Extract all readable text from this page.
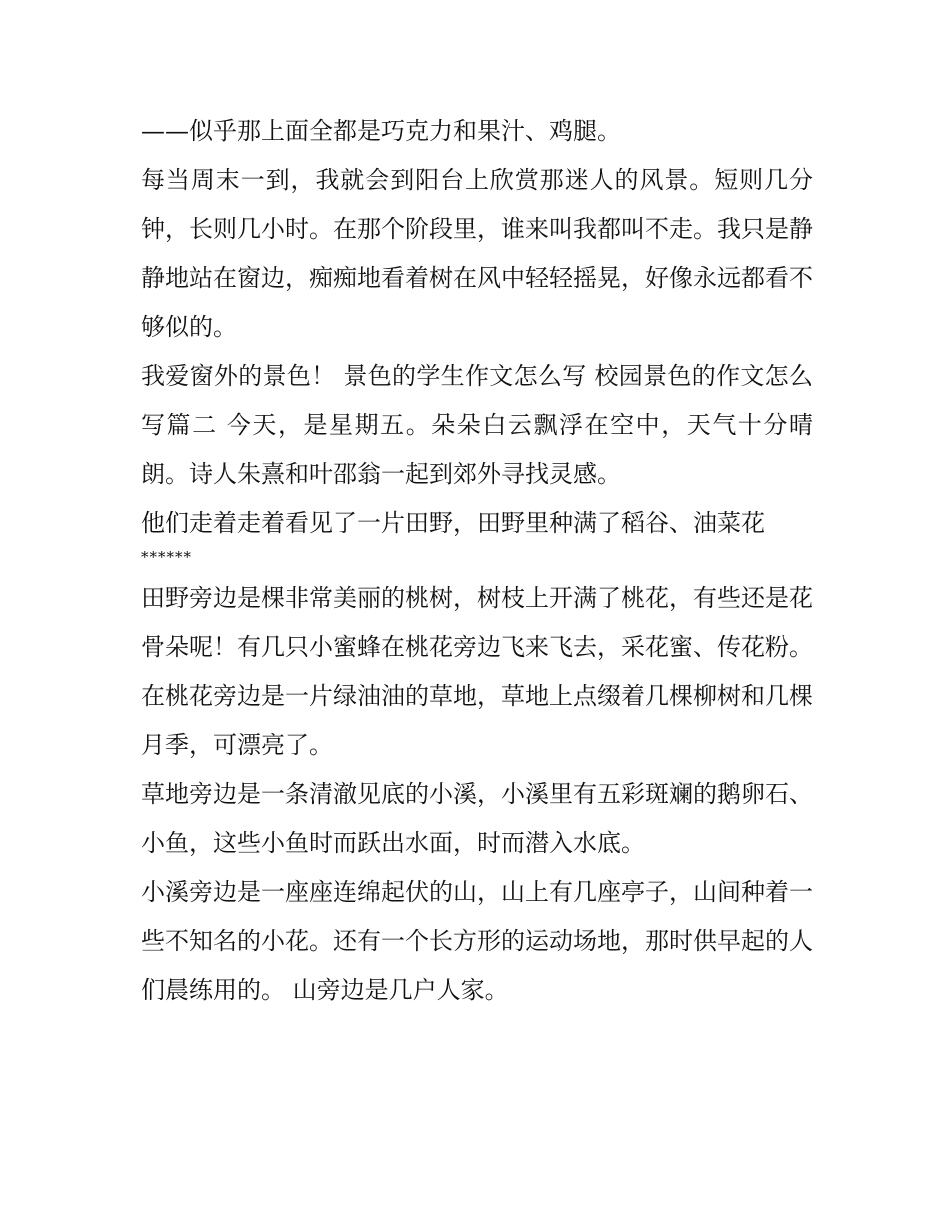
——似乎那上面全都是巧克力和果汁、鸡腿。

每当周末一到，我就会到阳台上欣赏那迷人的风景。短则几分钟，长则几小时。在那个阶段里，谁来叫我都叫不走。我只是静静地站在窗边，痴痴地看着树在风中轻轻摇晃，好像永远都看不够似的。

我爱窗外的景色！ 景色的学生作文怎么写 校园景色的作文怎么写篇二 今天，是星期五。朵朵白云飘浮在空中，天气十分晴朗。诗人朱熹和叶邵翁一起到郊外寻找灵感。

他们走着走着看见了一片田野，田野里种满了稻谷、油菜花

******

田野旁边是棵非常美丽的桃树，树枝上开满了桃花，有些还是花骨朵呢！有几只小蜜蜂在桃花旁边飞来飞去，采花蜜、传花粉。

在桃花旁边是一片绿油油的草地，草地上点缀着几棵柳树和几棵月季，可漂亮了。

草地旁边是一条清澈见底的小溪，小溪里有五彩斑斓的鹅卵石、小鱼，这些小鱼时而跃出水面，时而潜入水底。

小溪旁边是一座座连绵起伏的山，山上有几座亭子，山间种着一些不知名的小花。还有一个长方形的运动场地，那时供早起的人们晨练用的。 山旁边是几户人家。
